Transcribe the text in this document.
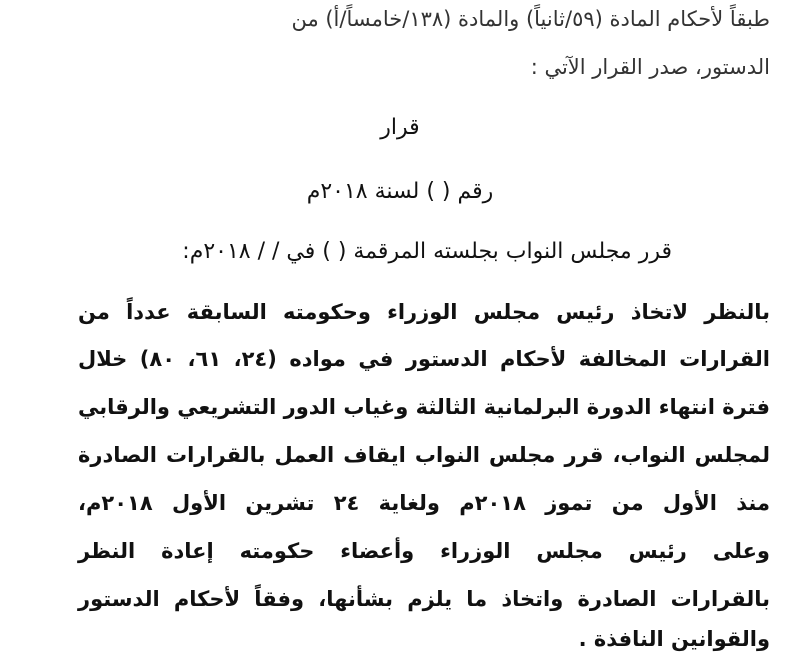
طبقاً لأحكام المادة (٥٩/ثانياً) والمادة (١٣٨/خامساً/أ) من
الدستور، صدر القرار الآتي :
قرار
رقم ( ) لسنة ٢٠١٨م
قرر مجلس النواب بجلسته المرقمة ( ) في / / ٢٠١٨م:
بالنظر لاتخاذ رئيس مجلس الوزراء وحكومته السابقة عدداً من
القرارات المخالفة لأحكام الدستور في مواده (٢٤، ٦١، ٨٠) خلال
فترة انتهاء الدورة البرلمانية الثالثة وغياب الدور التشريعي والرقابي
لمجلس النواب، قرر مجلس النواب ايقاف العمل بالقرارات الصادرة
منذ الأول من تموز ٢٠١٨م ولغاية ٢٤ تشرين الأول ٢٠١٨م،
وعلى رئيس مجلس الوزراء وأعضاء حكومته إعادة النظر
بالقرارات الصادرة واتخاذ ما يلزم بشأنها، وفقاً لأحكام الدستور
والقوانين النافذة .
